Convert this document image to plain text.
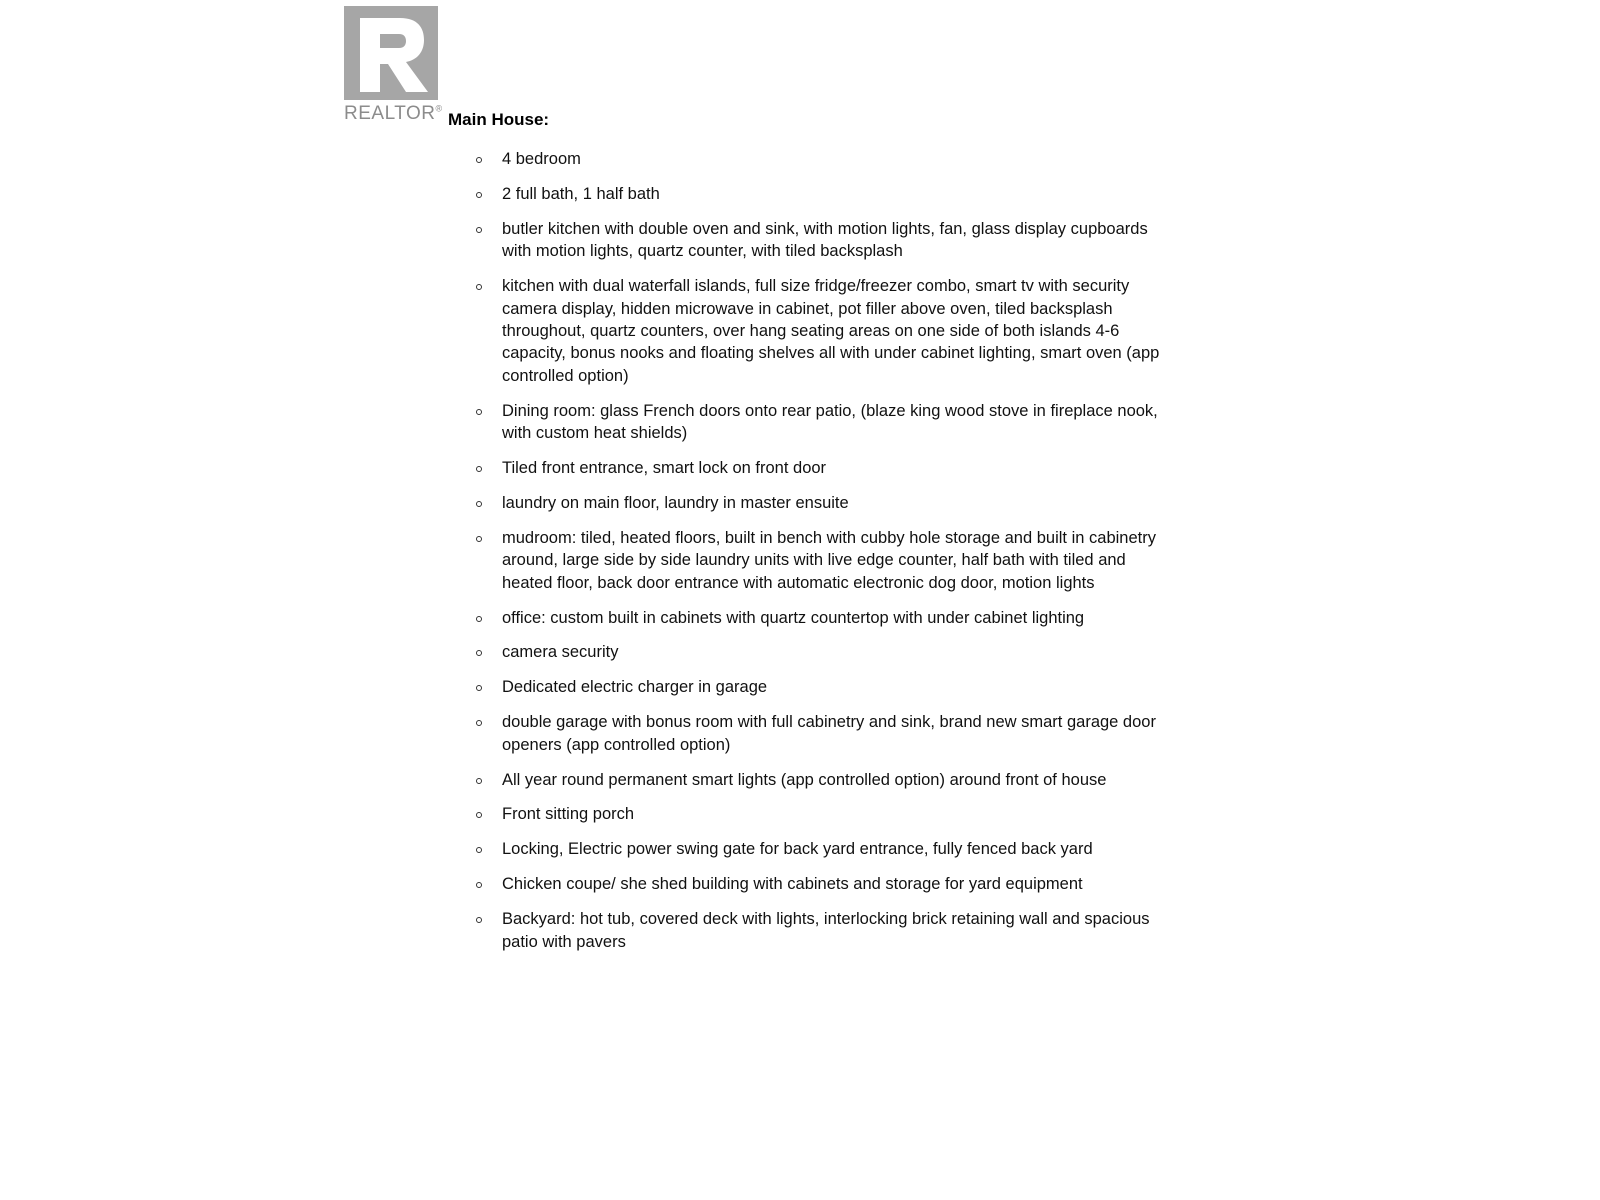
REALTOR®
Main House:
4 bedroom
2 full bath, 1 half bath
butler kitchen with double oven and sink, with motion lights, fan, glass display cupboards with motion lights, quartz counter, with tiled backsplash
kitchen with dual waterfall islands, full size fridge/freezer combo, smart tv with security camera display, hidden microwave in cabinet, pot filler above oven, tiled backsplash throughout, quartz counters, over hang seating areas on one side of both islands 4-6 capacity, bonus nooks and floating shelves all with under cabinet lighting, smart oven (app controlled option)
Dining room: glass French doors onto rear patio, (blaze king wood stove in fireplace nook, with custom heat shields)
Tiled front entrance, smart lock on front door
laundry on main floor, laundry in master ensuite
mudroom: tiled, heated floors, built in bench with cubby hole storage and built in cabinetry around, large side by side laundry units with live edge counter, half bath with tiled and heated floor, back door entrance with automatic electronic dog door, motion lights
office: custom built in cabinets with quartz countertop with under cabinet lighting
camera security
Dedicated electric charger in garage
double garage with bonus room with full cabinetry and sink, brand new smart garage door openers (app controlled option)
All year round permanent smart lights (app controlled option) around front of house
Front sitting porch
Locking, Electric power swing gate for back yard entrance, fully fenced back yard
Chicken coupe/ she shed building with cabinets and storage for yard equipment
Backyard: hot tub, covered deck with lights, interlocking brick retaining wall and spacious patio with pavers
